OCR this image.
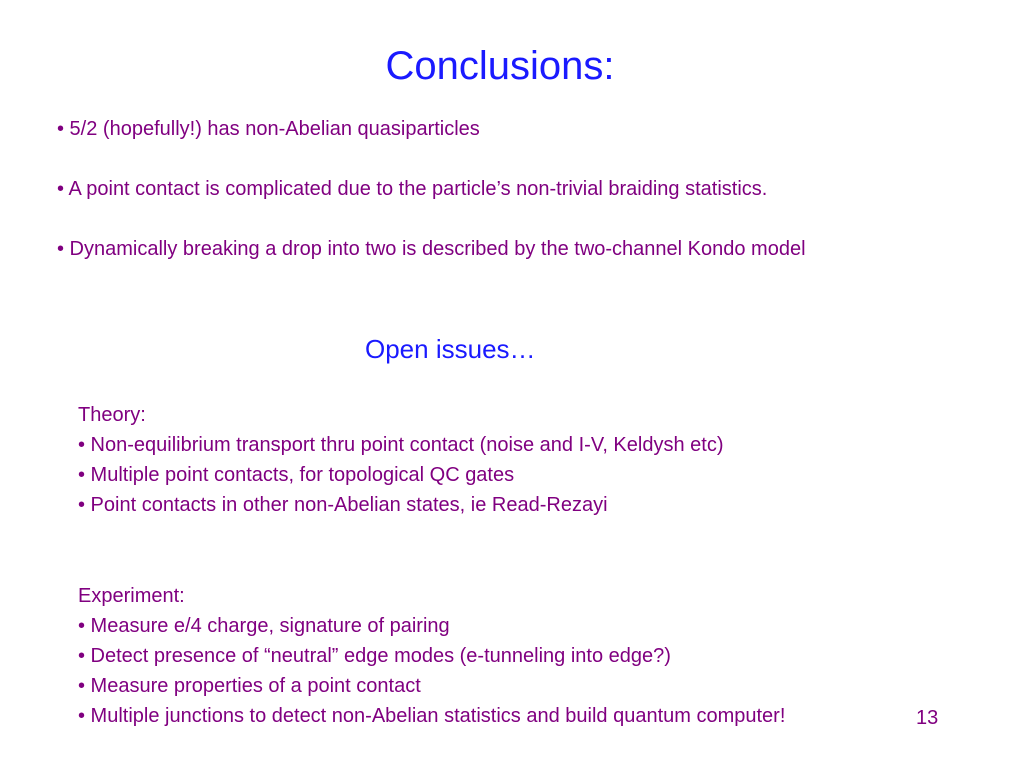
Conclusions:
• 5/2 (hopefully!) has non-Abelian quasiparticles
• A point contact is complicated due to the particle’s non-trivial braiding statistics.
• Dynamically breaking a drop into two is described by the two-channel Kondo model
Open issues…
Theory:
• Non-equilibrium transport thru point contact (noise and I-V, Keldysh etc)
• Multiple point contacts, for topological QC gates
• Point contacts in other non-Abelian states, ie Read-Rezayi
Experiment:
• Measure e/4 charge, signature of pairing
• Detect presence of “neutral” edge modes (e-tunneling into edge?)
• Measure properties of a point contact
• Multiple junctions to detect non-Abelian statistics and build quantum computer!	13
